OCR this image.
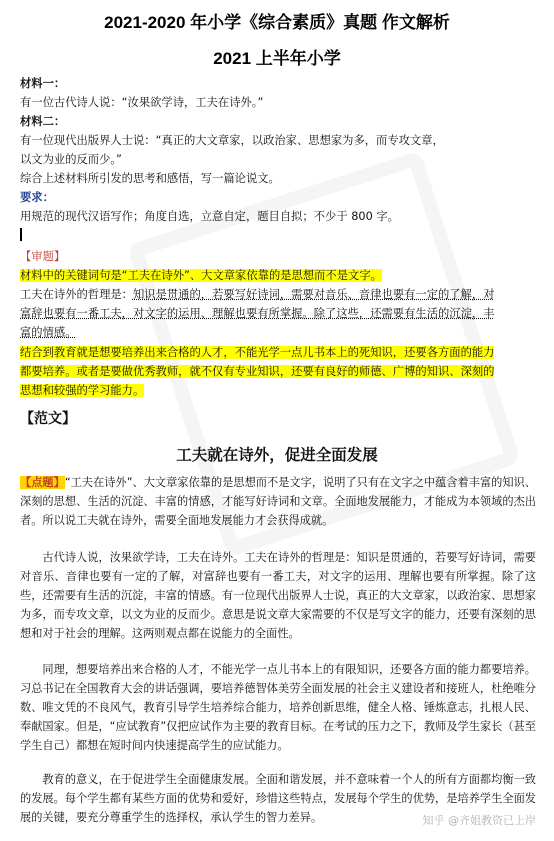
2021-2020 年小学《综合素质》真题 作文解析
2021 上半年小学
材料一：
有一位古代诗人说：“汝果欲学诗，工夫在诗外。”
材料二：
有一位现代出版界人士说：“真正的大文章家，以政治家、思想家为多，而专攻文章，
以文为业的反而少。”
综合上述材料所引发的思考和感悟，写一篇论说文。
要求：
用规范的现代汉语写作；角度自选，立意自定，题目自拟；不少于 800 字。
【审题】
材料中的关键词句是“工夫在诗外”、大文章家依靠的是思想而不是文字。
工夫在诗外的哲理是：知识是贯通的，若要写好诗词，需要对音乐、音律也要有一定的了解，对
富辞也要有一番工夫，对文字的运用、理解也要有所掌握。除了这些，还需要有生活的沉淀，丰
富的情感。
结合到教育就是想要培养出来合格的人才，不能光学一点儿书本上的死知识，还要各方面的能力
都要培养。或者是要做优秀教师，就不仅有专业知识，还要有良好的师德、广博的知识、深刻的
思想和较强的学习能力。
【范文】
工夫就在诗外，促进全面发展
【点题】“工夫在诗外”、大文章家依靠的是思想而不是文字，说明了只有在文字之中蕴含着丰富的知识、深刻的思想、生活的沉淀、丰富的情感，才能写好诗词和文章。全面地发展能力，才能成为本领域的杰出者。所以说工夫就在诗外，需要全面地发展能力才会获得成就。
古代诗人说，汝果欲学诗，工夫在诗外。工夫在诗外的哲理是：知识是贯通的，若要写好诗词，需要对音乐、音律也要有一定的了解，对富辞也要有一番工夫，对文字的运用、理解也要有所掌握。除了这些，还需要有生活的沉淀，丰富的情感。有一位现代出版界人士说，真正的大文章家，以政治家、思想家为多，而专攻文章，以文为业的反而少。意思是说文章大家需要的不仅是写文字的能力，还要有深刻的思想和对于社会的理解。这两则观点都在说能力的全面性。
同理，想要培养出来合格的人才，不能光学一点儿书本上的有限知识，还要各方面的能力都要培养。习总书记在全国教育大会的讲话强调，要培养德智体美劳全面发展的社会主义建设者和接班人，杜绝唯分数、唯文凭的不良风气，教育引导学生培养综合能力，培养创新思维，健全人格、锤炼意志，扎根人民、奉献国家。但是，“应试教育”仅把应试作为主要的教育目标。在考试的压力之下，教师及学生家长（甚至学生自己）都想在短时间内快速提高学生的应试能力。
教育的意义，在于促进学生全面健康发展。全面和谐发展，并不意味着一个人的所有方面都均衡一致的发展。每个学生都有某些方面的优势和爱好，珍惜这些特点，发展每个学生的优势，是培养学生全面发展的关键，要充分尊重学生的选择权，承认学生的智力差异。	知乎 @齐姐教资已上岸
